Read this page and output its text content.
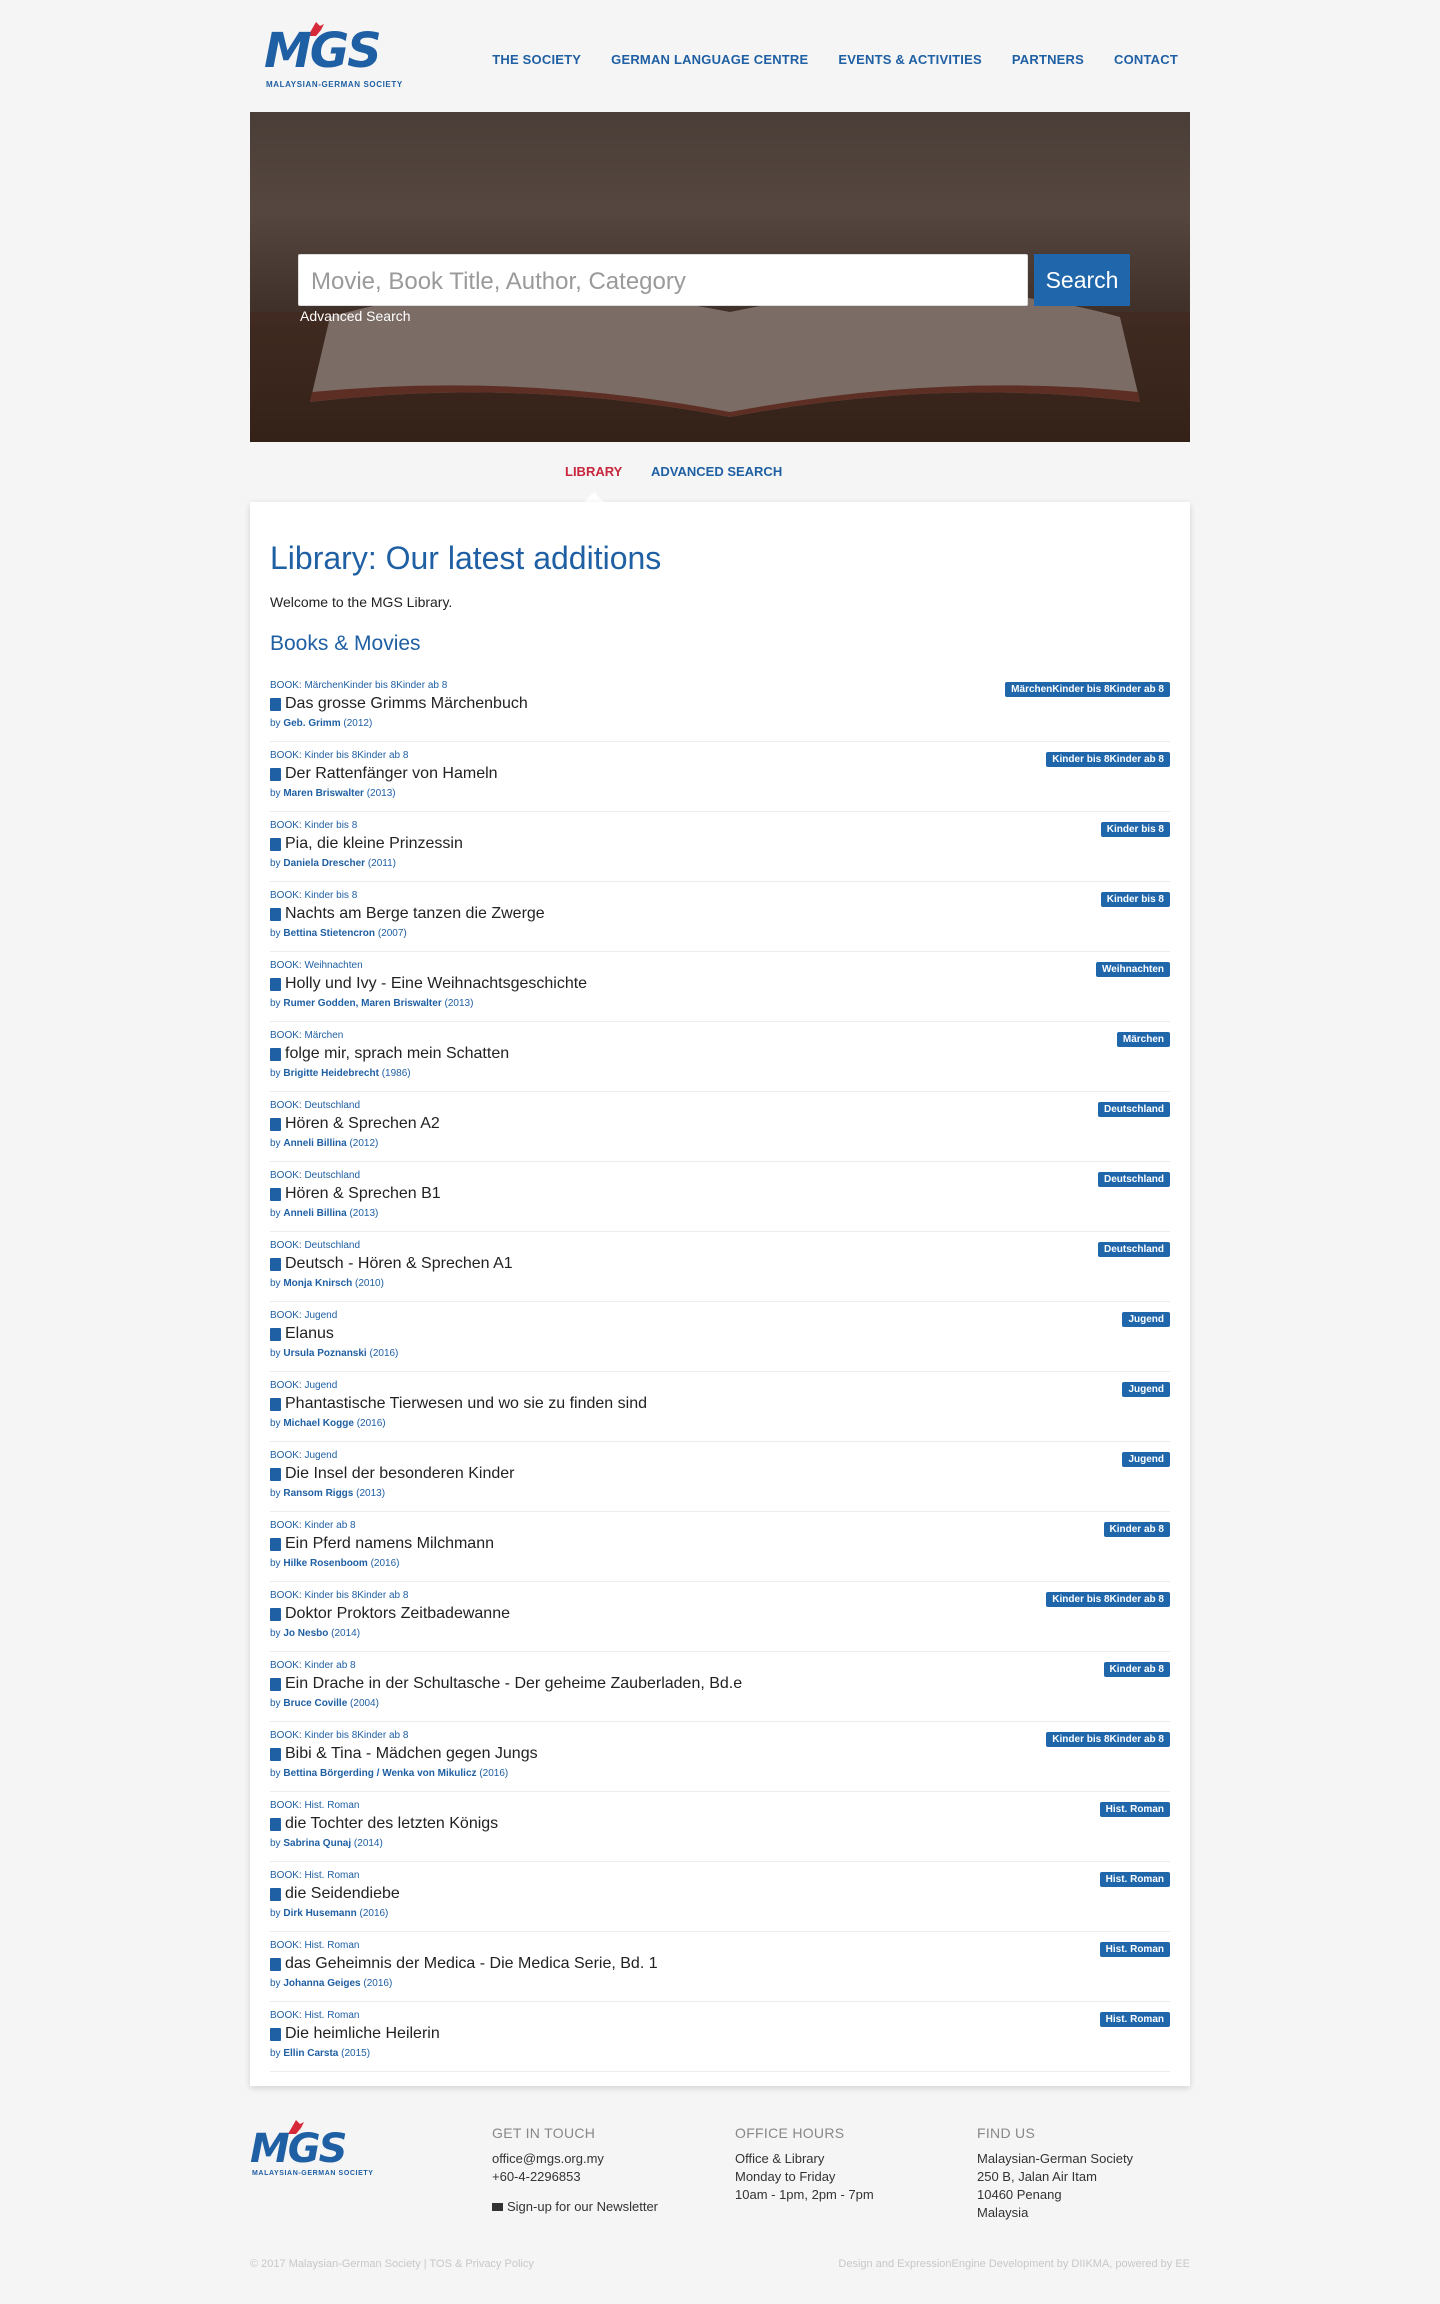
MGS
MALAYSIAN-GERMAN SOCIETY
THE SOCIETY GERMAN LANGUAGE CENTRE EVENTS & ACTIVITIES PARTNERS CONTACT
Movie, Book Title, Author, Category	Search
Advanced Search
LIBRARY ADVANCED SEARCH
Library: Our latest additions
Welcome to the MGS Library.
Books & Movies
BOOK: MärchenKinder bis 8Kinder ab 8
Das grosse Grimms Märchenbuch
by Geb. Grimm (2012)
MärchenKinder bis 8Kinder ab 8
BOOK: Kinder bis 8Kinder ab 8
Der Rattenfänger von Hameln
by Maren Briswalter (2013)
Kinder bis 8Kinder ab 8
BOOK: Kinder bis 8
Pia, die kleine Prinzessin
by Daniela Drescher (2011)
Kinder bis 8
BOOK: Kinder bis 8
Nachts am Berge tanzen die Zwerge
by Bettina Stietencron (2007)
Kinder bis 8
BOOK: Weihnachten
Holly und Ivy - Eine Weihnachtsgeschichte
by Rumer Godden, Maren Briswalter (2013)
Weihnachten
BOOK: Märchen
folge mir, sprach mein Schatten
by Brigitte Heidebrecht (1986)
Märchen
BOOK: Deutschland
Hören & Sprechen A2
by Anneli Billina (2012)
Deutschland
BOOK: Deutschland
Hören & Sprechen B1
by Anneli Billina (2013)
Deutschland
BOOK: Deutschland
Deutsch - Hören & Sprechen A1
by Monja Knirsch (2010)
Deutschland
BOOK: Jugend
Elanus
by Ursula Poznanski (2016)
Jugend
BOOK: Jugend
Phantastische Tierwesen und wo sie zu finden sind
by Michael Kogge (2016)
Jugend
BOOK: Jugend
Die Insel der besonderen Kinder
by Ransom Riggs (2013)
Jugend
BOOK: Kinder ab 8
Ein Pferd namens Milchmann
by Hilke Rosenboom (2016)
Kinder ab 8
BOOK: Kinder bis 8Kinder ab 8
Doktor Proktors Zeitbadewanne
by Jo Nesbo (2014)
Kinder bis 8Kinder ab 8
BOOK: Kinder ab 8
Ein Drache in der Schultasche - Der geheime Zauberladen, Bd.e
by Bruce Coville (2004)
Kinder ab 8
BOOK: Kinder bis 8Kinder ab 8
Bibi & Tina - Mädchen gegen Jungs
by Bettina Börgerding / Wenka von Mikulicz (2016)
Kinder bis 8Kinder ab 8
BOOK: Hist. Roman
die Tochter des letzten Königs
by Sabrina Qunaj (2014)
Hist. Roman
BOOK: Hist. Roman
die Seidendiebe
by Dirk Husemann (2016)
Hist. Roman
BOOK: Hist. Roman
das Geheimnis der Medica - Die Medica Serie, Bd. 1
by Johanna Geiges (2016)
Hist. Roman
BOOK: Hist. Roman
Die heimliche Heilerin
by Ellin Carsta (2015)
Hist. Roman
MGS
MALAYSIAN-GERMAN SOCIETY
GET IN TOUCH
office@mgs.org.my
+60-4-2296853
Sign-up for our Newsletter
OFFICE HOURS
Office & Library
Monday to Friday
10am - 1pm, 2pm - 7pm
FIND US
Malaysian-German Society
250 B, Jalan Air Itam
10460 Penang
Malaysia
© 2017 Malaysian-German Society | TOS & Privacy Policy	Design and ExpressionEngine Development by DIIKMA, powered by EE
